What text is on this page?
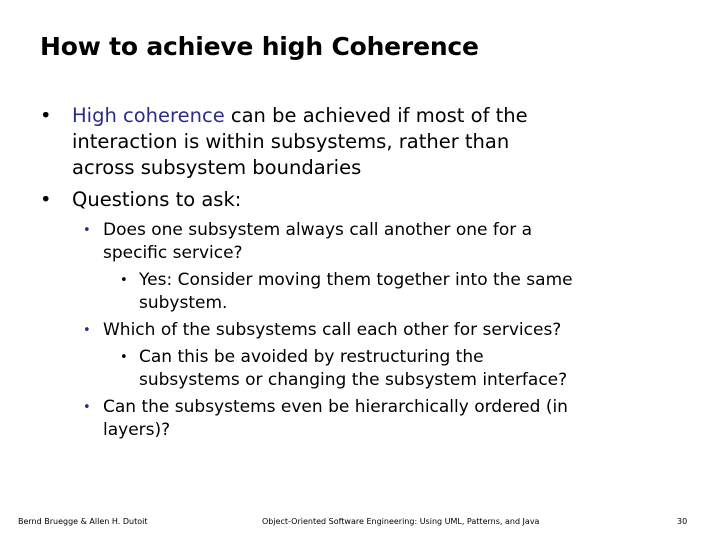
How to achieve high Coherence
• High coherence can be achieved if most of the
interaction is within subsystems, rather than
across subsystem boundaries
• Questions to ask:
• Does one subsystem always call another one for a
specific service?
• Yes: Consider moving them together into the same
subystem.
• Which of the subsystems call each other for services?
• Can this be avoided by restructuring the
subsystems or changing the subsystem interface?
• Can the subsystems even be hierarchically ordered (in
layers)?
Bernd Bruegge & Allen H. Dutoit	Object-Oriented Software Engineering: Using UML, Patterns, and Java	30
